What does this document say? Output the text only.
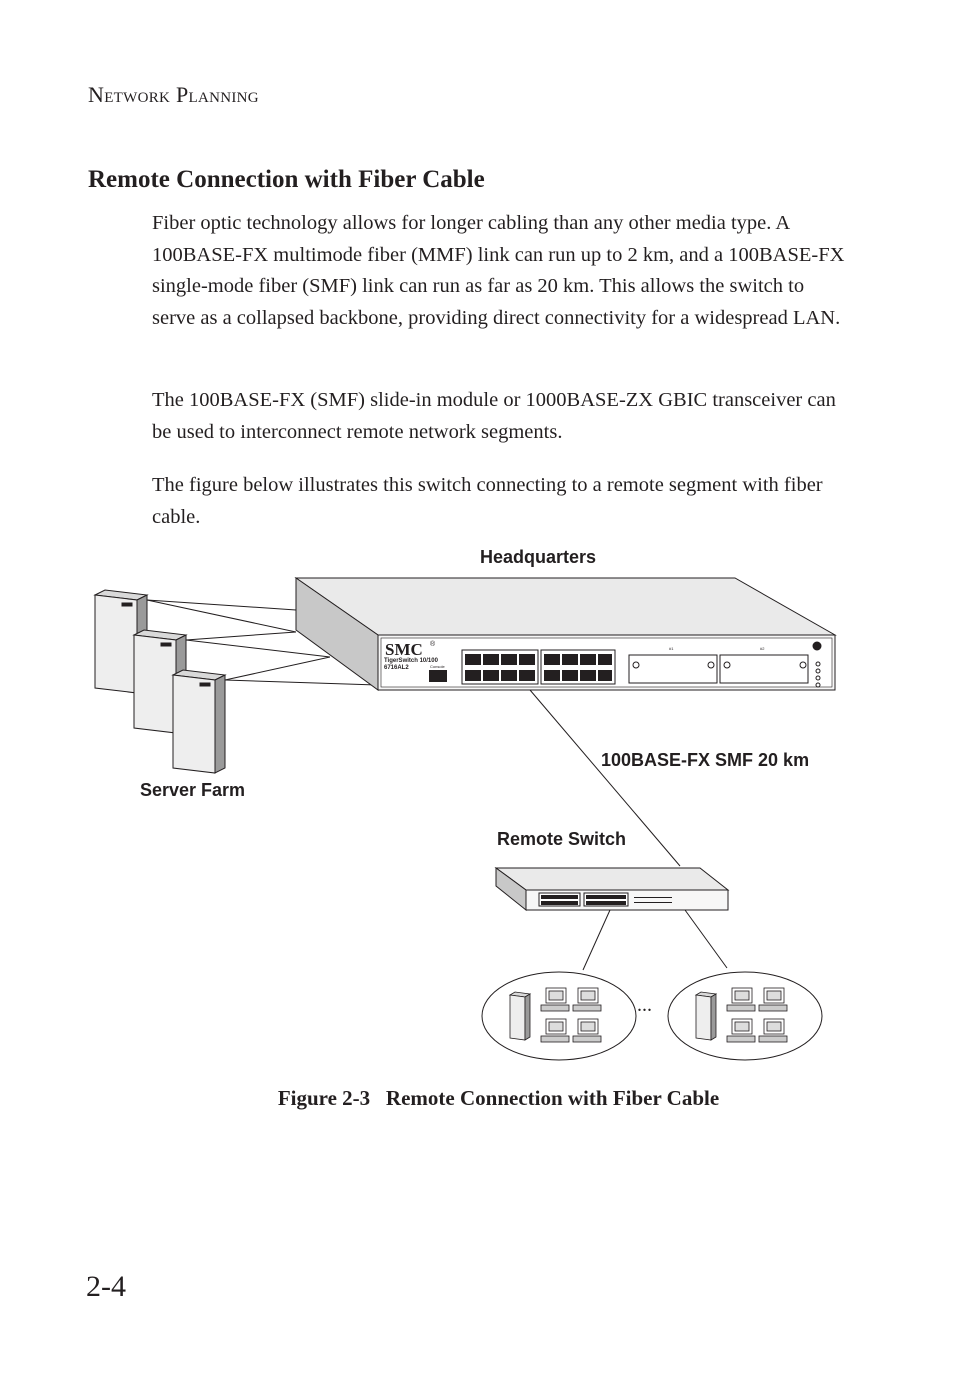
Network Planning
Remote Connection with Fiber Cable

Fiber optic technology allows for longer cabling than any other media type. A 100BASE-FX multimode fiber (MMF) link can run up to 2 km, and a 100BASE-FX single-mode fiber (SMF) link can run as far as 20 km. This allows the switch to serve as a collapsed backbone, providing direct connectivity for a widespread LAN.

The 100BASE-FX (SMF) slide-in module or 1000BASE-ZX GBIC transceiver can be used to interconnect remote network segments.

The figure below illustrates this switch connecting to a remote segment with fiber cable.

SMC ®
TigerSwitch 10/100
6716AL2	Console
#1	#2
Headquarters
Server Farm
100BASE-FX SMF 20 km
Remote Switch
...
Figure 2-3   Remote Connection with Fiber Cable
2-4
